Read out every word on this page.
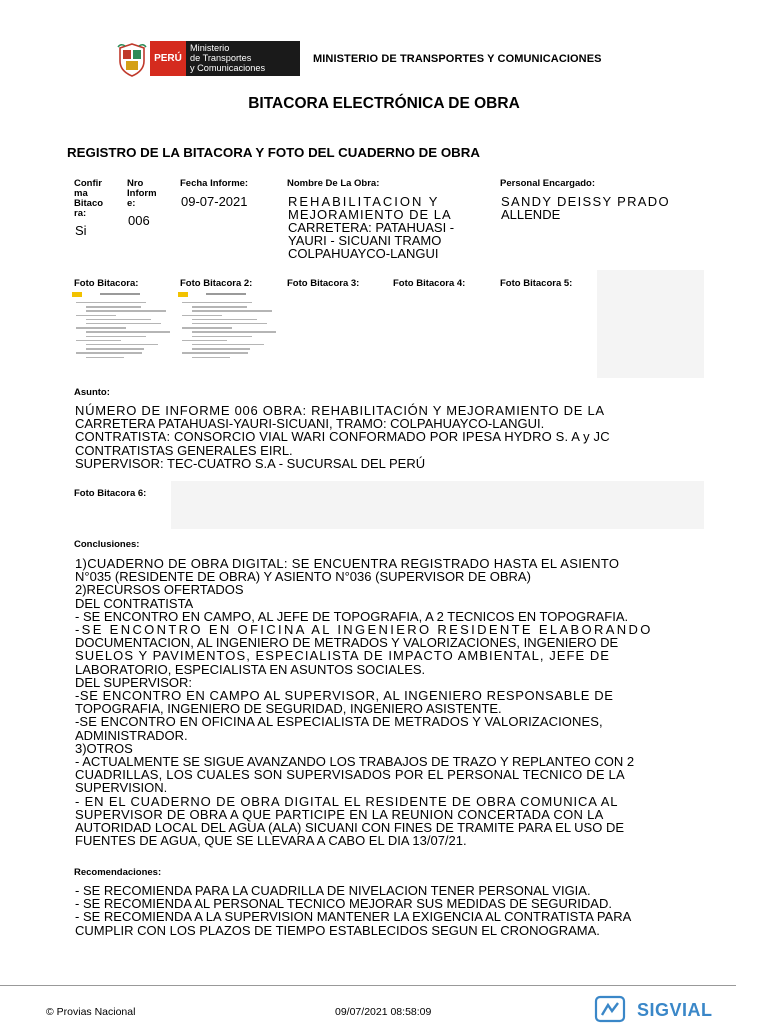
PERÚ
Ministerio
de Transportes
y Comunicaciones
MINISTERIO DE TRANSPORTES Y COMUNICACIONES
BITACORA ELECTRÓNICA DE OBRA
REGISTRO DE LA BITACORA Y FOTO DEL CUADERNO DE OBRA
Confir
ma
Bitaco
ra:
Si
Nro
Inform
e:
006
Fecha Informe:
09-07-2021
Nombre De La Obra:
REHABILITACION Y
MEJORAMIENTO DE LA
CARRETERA: PATAHUASI -
YAURI - SICUANI TRAMO
COLPAHUAYCO-LANGUI
Personal Encargado:
SANDY DEISSY PRADO
ALLENDE
Foto Bitacora:	Foto Bitacora 2:	Foto Bitacora 3:	Foto Bitacora 4:	Foto Bitacora 5:
Asunto:
NÚMERO DE INFORME 006 OBRA: REHABILITACIÓN Y MEJORAMIENTO DE LA
CARRETERA PATAHUASI-YAURI-SICUANI, TRAMO: COLPAHUAYCO-LANGUI.
CONTRATISTA: CONSORCIO VIAL WARI CONFORMADO POR IPESA HYDRO S. A y JC
CONTRATISTAS GENERALES EIRL.
SUPERVISOR: TEC-CUATRO S.A - SUCURSAL DEL PERÚ
Foto Bitacora 6:
Conclusiones:
1)CUADERNO DE OBRA DIGITAL: SE ENCUENTRA REGISTRADO HASTA EL ASIENTO
N°035 (RESIDENTE DE OBRA) Y ASIENTO N°036 (SUPERVISOR DE OBRA)
2)RECURSOS OFERTADOS
DEL CONTRATISTA
- SE ENCONTRO EN CAMPO, AL JEFE DE TOPOGRAFIA, A 2 TECNICOS EN TOPOGRAFIA.
-SE ENCONTRO EN OFICINA AL INGENIERO RESIDENTE ELABORANDO
DOCUMENTACION, AL INGENIERO DE METRADOS Y VALORIZACIONES, INGENIERO DE
SUELOS Y PAVIMENTOS, ESPECIALISTA DE IMPACTO AMBIENTAL, JEFE DE
LABORATORIO, ESPECIALISTA EN ASUNTOS SOCIALES.
DEL SUPERVISOR:
-SE ENCONTRO EN CAMPO AL SUPERVISOR, AL INGENIERO RESPONSABLE DE
TOPOGRAFIA, INGENIERO DE SEGURIDAD, INGENIERO ASISTENTE.
-SE ENCONTRO EN OFICINA AL ESPECIALISTA DE METRADOS Y VALORIZACIONES,
ADMINISTRADOR.
3)OTROS
- ACTUALMENTE SE SIGUE AVANZANDO LOS TRABAJOS DE TRAZO Y REPLANTEO CON 2
CUADRILLAS, LOS CUALES SON SUPERVISADOS POR EL PERSONAL TECNICO DE LA
SUPERVISION.
- EN EL CUADERNO DE OBRA DIGITAL EL RESIDENTE DE OBRA COMUNICA AL
SUPERVISOR DE OBRA A QUE PARTICIPE EN LA REUNION CONCERTADA CON LA
AUTORIDAD LOCAL DEL AGUA (ALA) SICUANI CON FINES DE TRAMITE PARA EL USO DE
FUENTES DE AGUA, QUE SE LLEVARA A CABO EL DIA 13/07/21.
Recomendaciones:
- SE RECOMIENDA PARA LA CUADRILLA DE NIVELACION TENER PERSONAL VIGIA.
- SE RECOMIENDA AL PERSONAL TECNICO MEJORAR SUS MEDIDAS DE SEGURIDAD.
- SE RECOMIENDA A LA SUPERVISION MANTENER LA EXIGENCIA AL CONTRATISTA PARA
CUMPLIR CON LOS PLAZOS DE TIEMPO ESTABLECIDOS SEGUN EL CRONOGRAMA.
© Provias Nacional	09/07/2021 08:58:09	SIGVIAL
